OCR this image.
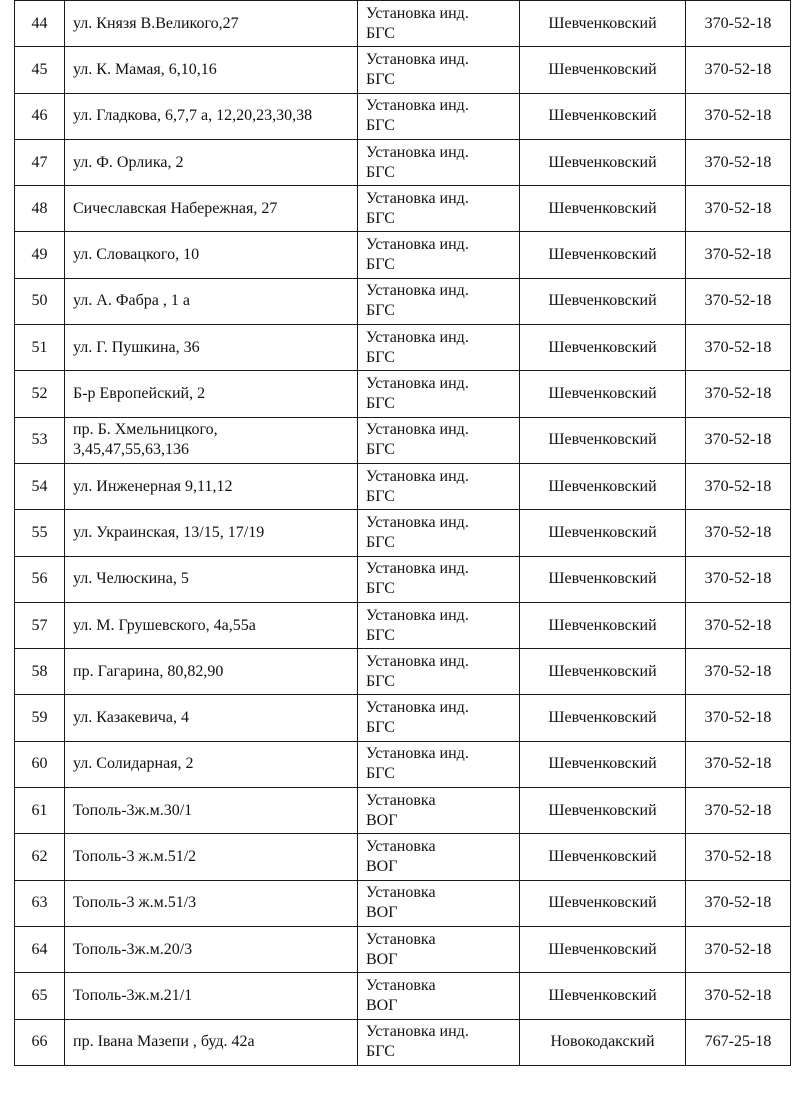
44	ул. Князя В.Великого,27	Установка инд.
БГС	Шевченковский	370-52-18
45	ул. К. Мамая, 6,10,16	Установка инд.
БГС	Шевченковский	370-52-18
46	ул. Гладкова, 6,7,7 а, 12,20,23,30,38	Установка инд.
БГС	Шевченковский	370-52-18
47	ул. Ф. Орлика, 2	Установка инд.
БГС	Шевченковский	370-52-18
48	Сичеславская Набережная, 27	Установка инд.
БГС	Шевченковский	370-52-18
49	ул. Словацкого, 10	Установка инд.
БГС	Шевченковский	370-52-18
50	ул. А. Фабра , 1 а	Установка инд.
БГС	Шевченковский	370-52-18
51	ул. Г. Пушкина, 36	Установка инд.
БГС	Шевченковский	370-52-18
52	Б-р Европейский, 2	Установка инд.
БГС	Шевченковский	370-52-18
53	пр. Б. Хмельницкого,
3,45,47,55,63,136	Установка инд.
БГС	Шевченковский	370-52-18
54	ул. Инженерная 9,11,12	Установка инд.
БГС	Шевченковский	370-52-18
55	ул. Украинская, 13/15, 17/19	Установка инд.
БГС	Шевченковский	370-52-18
56	ул. Челюскина, 5	Установка инд.
БГС	Шевченковский	370-52-18
57	ул. М. Грушевского, 4а,55а	Установка инд.
БГС	Шевченковский	370-52-18
58	пр. Гагарина, 80,82,90	Установка инд.
БГС	Шевченковский	370-52-18
59	ул. Казакевича, 4	Установка инд.
БГС	Шевченковский	370-52-18
60	ул. Солидарная, 2	Установка инд.
БГС	Шевченковский	370-52-18
61	Тополь-3ж.м.30/1	Установка
ВОГ	Шевченковский	370-52-18
62	Тополь-3 ж.м.51/2	Установка
ВОГ	Шевченковский	370-52-18
63	Тополь-3 ж.м.51/3	Установка
ВОГ	Шевченковский	370-52-18
64	Тополь-3ж.м.20/3	Установка
ВОГ	Шевченковский	370-52-18
65	Тополь-3ж.м.21/1	Установка
ВОГ	Шевченковский	370-52-18
66	пр. Івана Мазепи , буд. 42а	Установка инд.
БГС	Новокодакский	767-25-18
